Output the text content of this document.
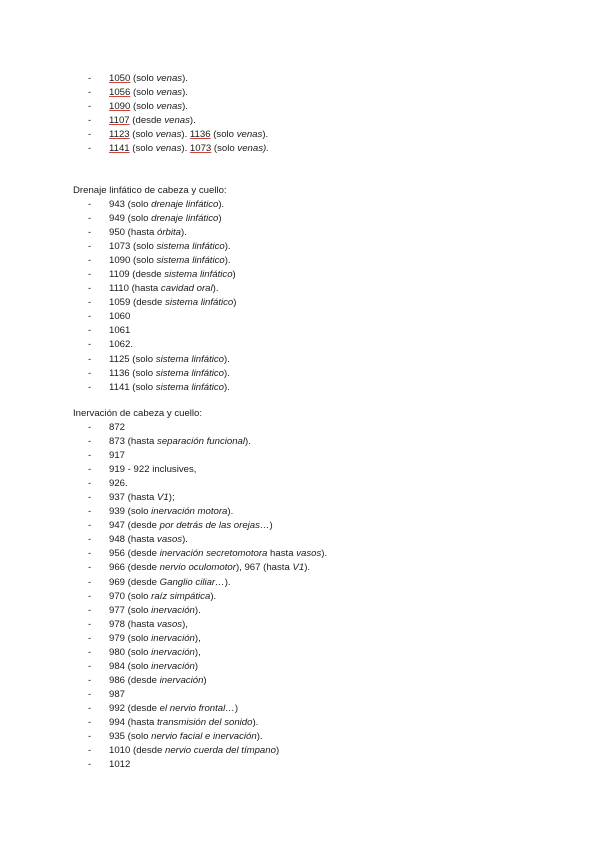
- 1050 (solo venas).
- 1056 (solo venas).
- 1090 (solo venas).
- 1107 (desde venas).
- 1123 (solo venas). 1136 (solo venas).
- 1141 (solo venas). 1073 (solo venas).
Drenaje linfático de cabeza y cuello:
- 943 (solo drenaje linfático).
- 949 (solo drenaje linfático)
- 950 (hasta órbita).
- 1073 (solo sistema linfático).
- 1090 (solo sistema linfático).
- 1109 (desde sistema linfático)
- 1110 (hasta cavidad oral).
- 1059 (desde sistema linfático)
- 1060
- 1061
- 1062.
- 1125 (solo sistema linfático).
- 1136 (solo sistema linfático).
- 1141 (solo sistema linfático).
Inervación de cabeza y cuello:
- 872
- 873 (hasta separación funcional).
- 917
- 919 - 922 inclusives,
- 926.
- 937 (hasta V1);
- 939 (solo inervación motora).
- 947 (desde por detrás de las orejas…)
- 948 (hasta vasos).
- 956 (desde inervación secretomotora hasta vasos).
- 966 (desde nervio oculomotor), 967 (hasta V1).
- 969 (desde Ganglio ciliar…).
- 970 (solo raíz simpática).
- 977 (solo inervación).
- 978 (hasta vasos),
- 979 (solo inervación),
- 980 (solo inervación),
- 984 (solo inervación)
- 986 (desde inervación)
- 987
- 992 (desde el nervio frontal…)
- 994 (hasta transmisión del sonido).
- 935 (solo nervio facial e inervación).
- 1010 (desde nervio cuerda del tímpano)
- 1012
